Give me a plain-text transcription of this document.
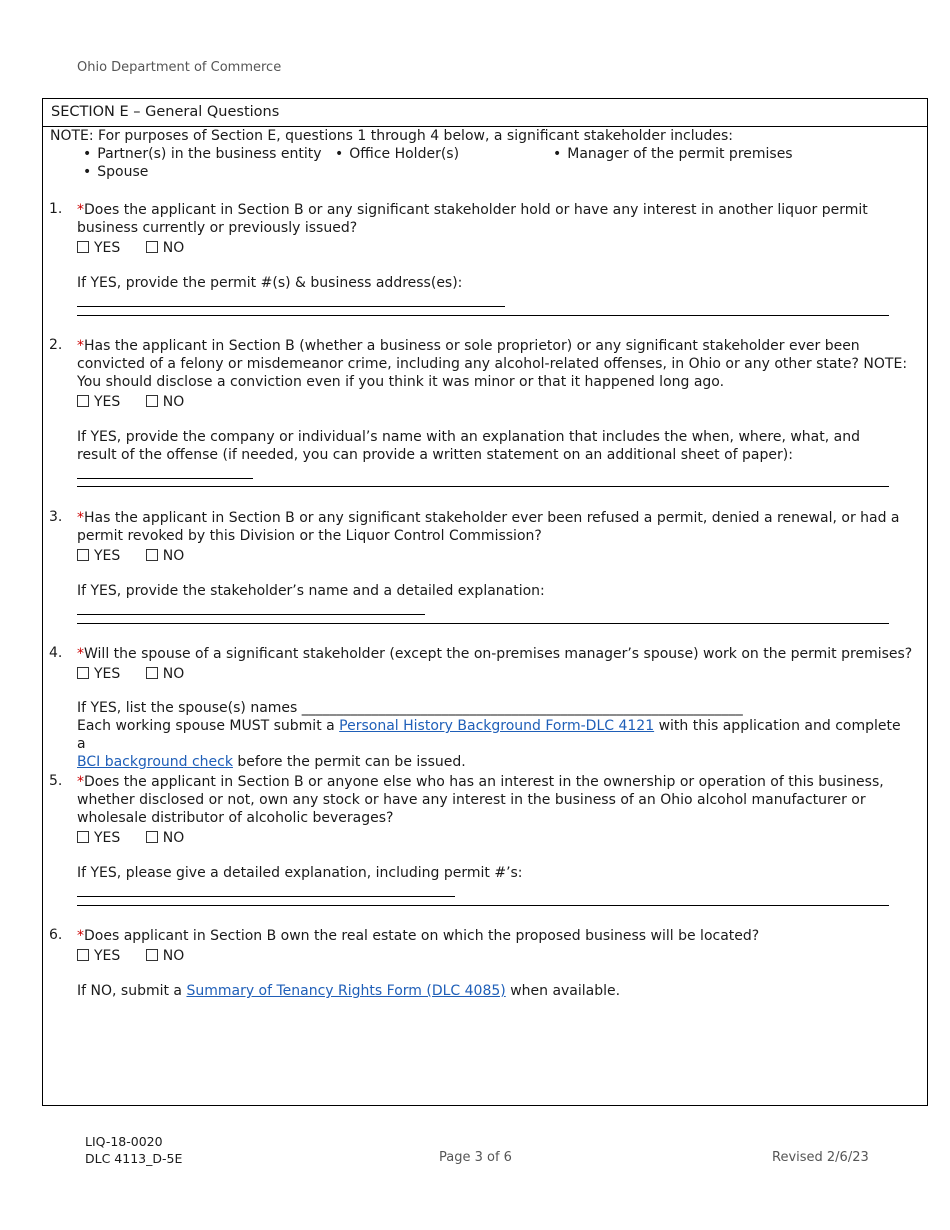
Ohio Department of Commerce
SECTION E – General Questions
NOTE: For purposes of Section E, questions 1 through 4 below, a significant stakeholder includes:
• Partner(s) in the business entity	• Office Holder(s)	• Manager of the permit premises
• Spouse
1. *Does the applicant in Section B or any significant stakeholder hold or have any interest in another liquor permit business currently or previously issued?
YES	NO
If YES, provide the permit #(s) & business address(es):
2. *Has the applicant in Section B (whether a business or sole proprietor) or any significant stakeholder ever been convicted of a felony or misdemeanor crime, including any alcohol-related offenses, in Ohio or any other state? NOTE: You should disclose a conviction even if you think it was minor or that it happened long ago.
YES	NO
If YES, provide the company or individual’s name with an explanation that includes the when, where, what, and result of the offense (if needed, you can provide a written statement on an additional sheet of paper):
3. *Has the applicant in Section B or any significant stakeholder ever been refused a permit, denied a renewal, or had a permit revoked by this Division or the Liquor Control Commission?
YES	NO
If YES, provide the stakeholder’s name and a detailed explanation:
4. *Will the spouse of a significant stakeholder (except the on-premises manager’s spouse) work on the permit premises?
YES	NO
If YES, list the spouse(s) names _______________________________________________________________
Each working spouse MUST submit a Personal History Background Form-DLC 4121 with this application and complete a
BCI background check before the permit can be issued.
5. *Does the applicant in Section B or anyone else who has an interest in the ownership or operation of this business, whether disclosed or not, own any stock or have any interest in the business of an Ohio alcohol manufacturer or wholesale distributor of alcoholic beverages?
YES	NO
If YES, please give a detailed explanation, including permit #’s:
6. *Does applicant in Section B own the real estate on which the proposed business will be located?
YES	NO
If NO, submit a Summary of Tenancy Rights Form (DLC 4085) when available.
LIQ-18-0020
DLC 4113_D-5E	Page 3 of 6	Revised 2/6/23
